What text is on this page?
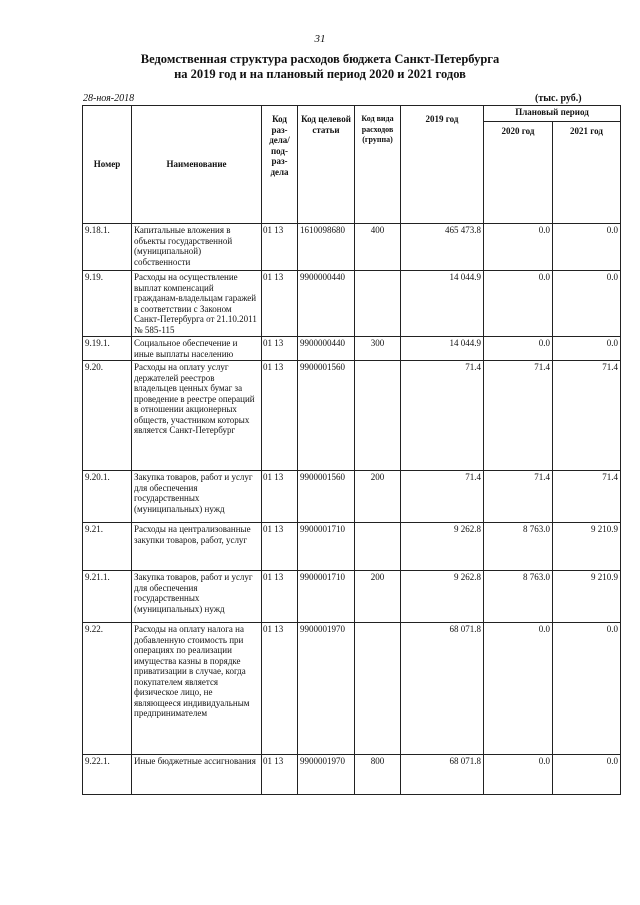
31
Ведомственная структура расходов бюджета Санкт-Петербурга
на 2019 год и на плановый период 2020 и 2021 годов
28-ноя-2018	(тыс. руб.)
Номер	Наименование	Код раз- дела/ под- раз- дела	Код целевой статьи	Код вида расходов (группа)	2019 год	Плановый период	
						2020 год	2021 год
9.18.1.	Капитальные вложения в объекты государственной (муниципальной) собственности	01 13	1610098680	400	465 473.8	0.0	0.0
9.19.	Расходы на осуществление выплат компенсаций гражданам-владельцам гаражей в соответствии с Законом Санкт-Петербурга от 21.10.2011 № 585-115	01 13	9900000440		14 044.9	0.0	0.0
9.19.1.	Социальное обеспечение и иные выплаты населению	01 13	9900000440	300	14 044.9	0.0	0.0
9.20.	Расходы на оплату услуг держателей реестров владельцев ценных бумаг за проведение в реестре операций в отношении акционерных обществ, участником которых является Санкт-Петербург	01 13	9900001560		71.4	71.4	71.4
9.20.1.	Закупка товаров, работ и услуг для обеспечения государственных (муниципальных) нужд	01 13	9900001560	200	71.4	71.4	71.4
9.21.	Расходы на централизованные закупки товаров, работ, услуг	01 13	9900001710		9 262.8	8 763.0	9 210.9
9.21.1.	Закупка товаров, работ и услуг для обеспечения государственных (муниципальных) нужд	01 13	9900001710	200	9 262.8	8 763.0	9 210.9
9.22.	Расходы на оплату налога на добавленную стоимость при операциях по реализации имущества казны в порядке приватизации в случае, когда покупателем является физическое лицо, не являющееся индивидуальным предпринимателем	01 13	9900001970		68 071.8	0.0	0.0
9.22.1.	Иные бюджетные ассигнования	01 13	9900001970	800	68 071.8	0.0	0.0
